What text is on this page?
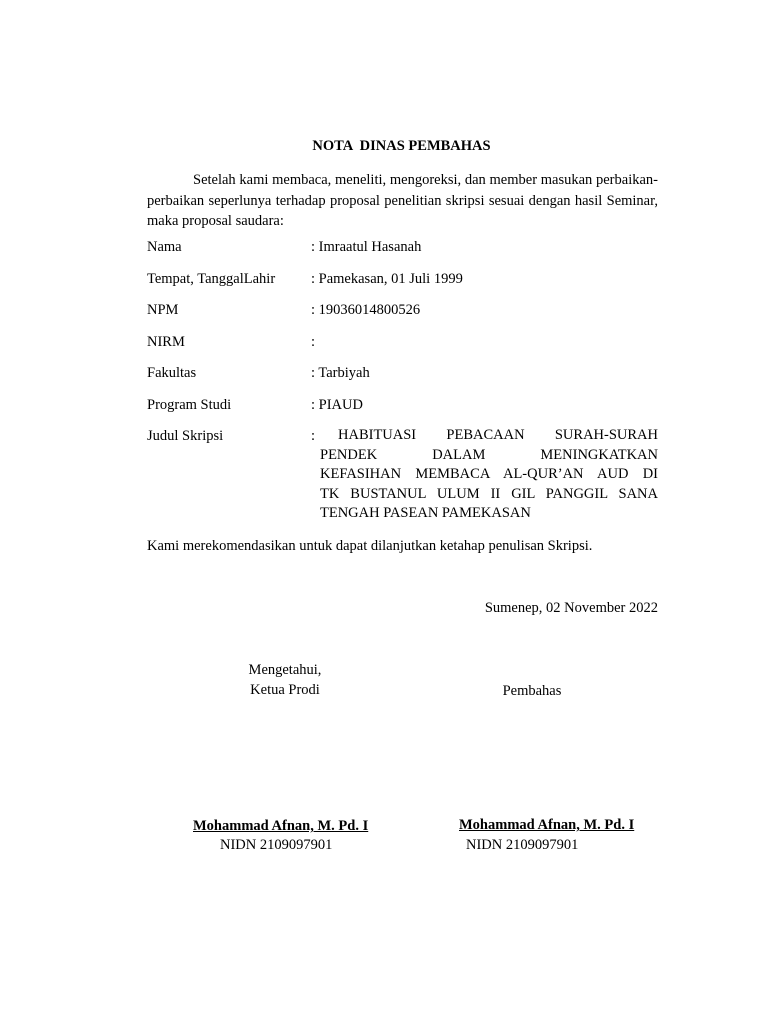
NOTA  DINAS PEMBAHAS
Setelah kami membaca, meneliti, mengoreksi, dan member masukan perbaikan-perbaikan seperlunya terhadap proposal penelitian skripsi sesuai dengan hasil Seminar, maka proposal saudara:
Nama	: Imraatul Hasanah
Tempat, TanggalLahir : Pamekasan, 01 Juli 1999
NPM	: 19036014800526
NIRM	:
Fakultas	: Tarbiyah
Program Studi	: PIAUD
Judul Skripsi	:	HABITUASI PEBACAAN SURAH-SURAH
PENDEK DALAM MENINGKATKAN
KEFASIHAN MEMBACA AL-QUR’AN AUD DI
TK BUSTANUL ULUM II GIL PANGGIL SANA
TENGAH PASEAN PAMEKASAN
Kami merekomendasikan untuk dapat dilanjutkan ketahap penulisan Skripsi.
Sumenep, 02 November 2022
Mengetahui,
Ketua Prodi	Pembahas
Mohammad Afnan, M. Pd. I
NIDN 2109097901
Mohammad Afnan, M. Pd. I
NIDN 2109097901
